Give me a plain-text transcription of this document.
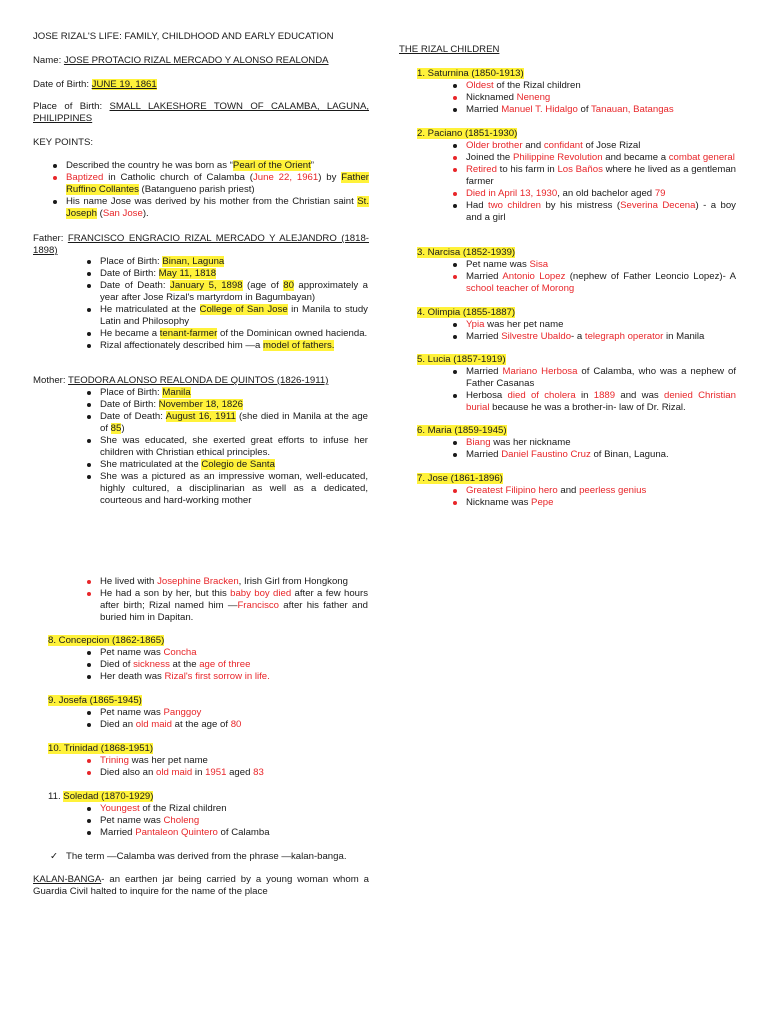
JOSE RIZAL'S LIFE: FAMILY, CHILDHOOD AND EARLY EDUCATION
Name: JOSE PROTACIO RIZAL MERCADO Y ALONSO REALONDA
Date of Birth: JUNE 19, 1861
Place of Birth: SMALL LAKESHORE TOWN OF CALAMBA, LAGUNA, PHILIPPINES
KEY POINTS:
Described the country he was born as “Pearl of the Orient”
Baptized in Catholic church of Calamba (June 22, 1961) by Father Ruffino Collantes (Batangueno parish priest)
His name Jose was derived by his mother from the Christian saint St. Joseph (San Jose).
Father: FRANCISCO ENGRACIO RIZAL MERCADO Y ALEJANDRO (1818-1898)
Place of Birth: Binan, Laguna
Date of Birth: May 11, 1818
Date of Death: January 5, 1898 (age of 80 approximately a year after Jose Rizal's martyrdom in Bagumbayan)
He matriculated at the College of San Jose in Manila to study Latin and Philosophy
He became a tenant-farmer of the Dominican owned hacienda.
Rizal affectionately described him —a model of fathers.
Mother: TEODORA ALONSO REALONDA DE QUINTOS (1826-1911)
Place of Birth: Manila
Date of Birth: November 18, 1826
Date of Death: August 16, 1911 (she died in Manila at the age of 85)
She was educated, she exerted great efforts to infuse her children with Christian ethical principles.
She matriculated at the Colegio de Santa
She was a pictured as an impressive woman, well-educated, highly cultured, a disciplinarian as well as a dedicated, courteous and hard-working mother
He lived with Josephine Bracken, Irish Girl from Hongkong
He had a son by her, but this baby boy died after a few hours after birth; Rizal named him —Francisco after his father and buried him in Dapitan.
8. Concepcion (1862-1865)
Pet name was Concha
Died of sickness at the age of three
Her death was Rizal's first sorrow in life.
9. Josefa (1865-1945)
Pet name was Panggoy
Died an old maid at the age of 80
10. Trinidad (1868-1951)
Trining was her pet name
Died also an old maid in 1951 aged 83
11. Soledad (1870-1929)
Youngest of the Rizal children
Pet name was Choleng
Married Pantaleon Quintero of Calamba
✓ The term —Calamba was derived from the phrase —kalan-banga.
KALAN-BANGA- an earthen jar being carried by a young woman whom a Guardia Civil halted to inquire for the name of the place
THE RIZAL CHILDREN
1. Saturnina (1850-1913)
Oldest of the Rizal children
Nicknamed Neneng
Married Manuel T. Hidalgo of Tanauan, Batangas
2. Paciano (1851-1930)
Older brother and confidant of Jose Rizal
Joined the Philippine Revolution and became a combat general
Retired to his farm in Los Baños where he lived as a gentleman farmer
Died in April 13, 1930, an old bachelor aged 79
Had two children by his mistress (Severina Decena) - a boy and a girl
3. Narcisa (1852-1939)
Pet name was Sisa
Married Antonio Lopez (nephew of Father Leoncio Lopez)- A school teacher of Morong
4. Olimpia (1855-1887)
Ypia was her pet name
Married Silvestre Ubaldo- a telegraph operator in Manila
5. Lucia (1857-1919)
Married Mariano Herbosa of Calamba, who was a nephew of Father Casanas
Herbosa died of cholera in 1889 and was denied Christian burial because he was a brother-in- law of Dr. Rizal.
6. Maria (1859-1945)
Biang was her nickname
Married Daniel Faustino Cruz of Binan, Laguna.
7. Jose (1861-1896)
Greatest Filipino hero and peerless genius
Nickname was Pepe
